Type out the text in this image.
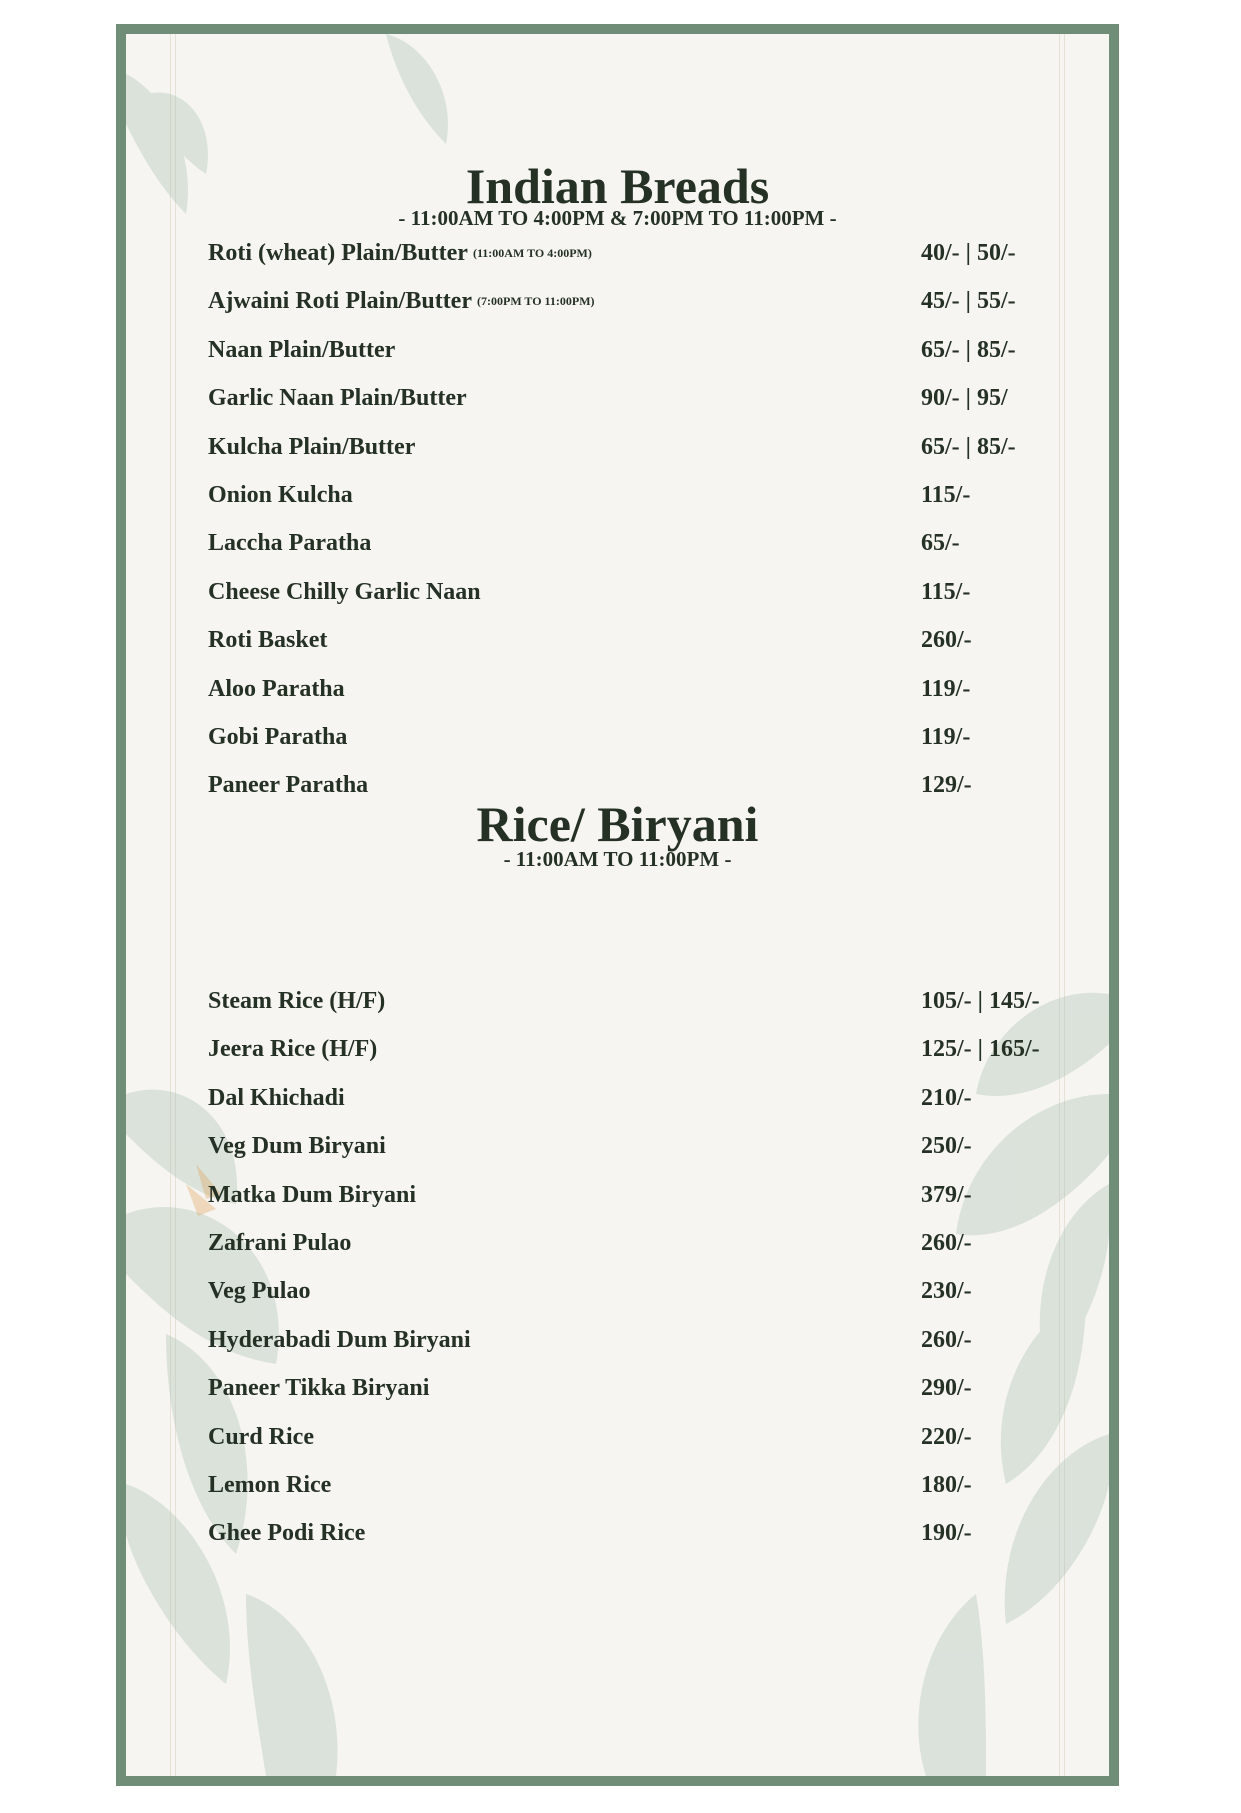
Indian Breads
- 11:00AM TO 4:00PM & 7:00PM TO 11:00PM -
Roti (wheat) Plain/Butter (11:00AM TO 4:00PM)	40/- | 50/-
Ajwaini Roti Plain/Butter (7:00PM TO 11:00PM)	45/- | 55/-
Naan Plain/Butter	65/- | 85/-
Garlic Naan Plain/Butter	90/- | 95/
Kulcha Plain/Butter	65/- | 85/-
Onion Kulcha	115/-
Laccha Paratha	65/-
Cheese Chilly Garlic Naan	115/-
Roti Basket	260/-
Aloo Paratha	119/-
Gobi Paratha	119/-
Paneer Paratha	129/-
Rice/ Biryani
- 11:00AM TO 11:00PM -
Steam Rice (H/F)	105/- | 145/-
Jeera Rice (H/F)	125/- | 165/-
Dal Khichadi	210/-
Veg Dum Biryani	250/-
Matka Dum Biryani	379/-
Zafrani Pulao	260/-
Veg Pulao	230/-
Hyderabadi Dum Biryani	260/-
Paneer Tikka Biryani	290/-
Curd Rice	220/-
Lemon Rice	180/-
Ghee Podi Rice	190/-
